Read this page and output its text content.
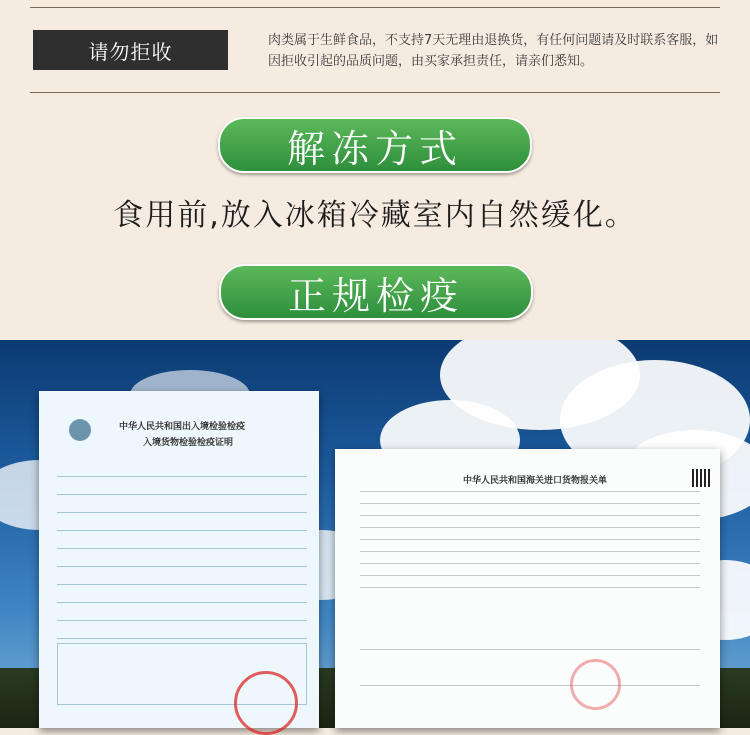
请勿拒收	肉类属于生鲜食品，不支持7天无理由退换货，有任何问题请及时联系客服，如因拒收引起的品质问题，由买家承担责任，请亲们悉知。
解冻方式
食用前,放入冰箱冷藏室内自然缓化。
正规检疫
中华人民共和国出入境检验检疫
入境货物检验检疫证明
中华人民共和国海关进口货物报关单
